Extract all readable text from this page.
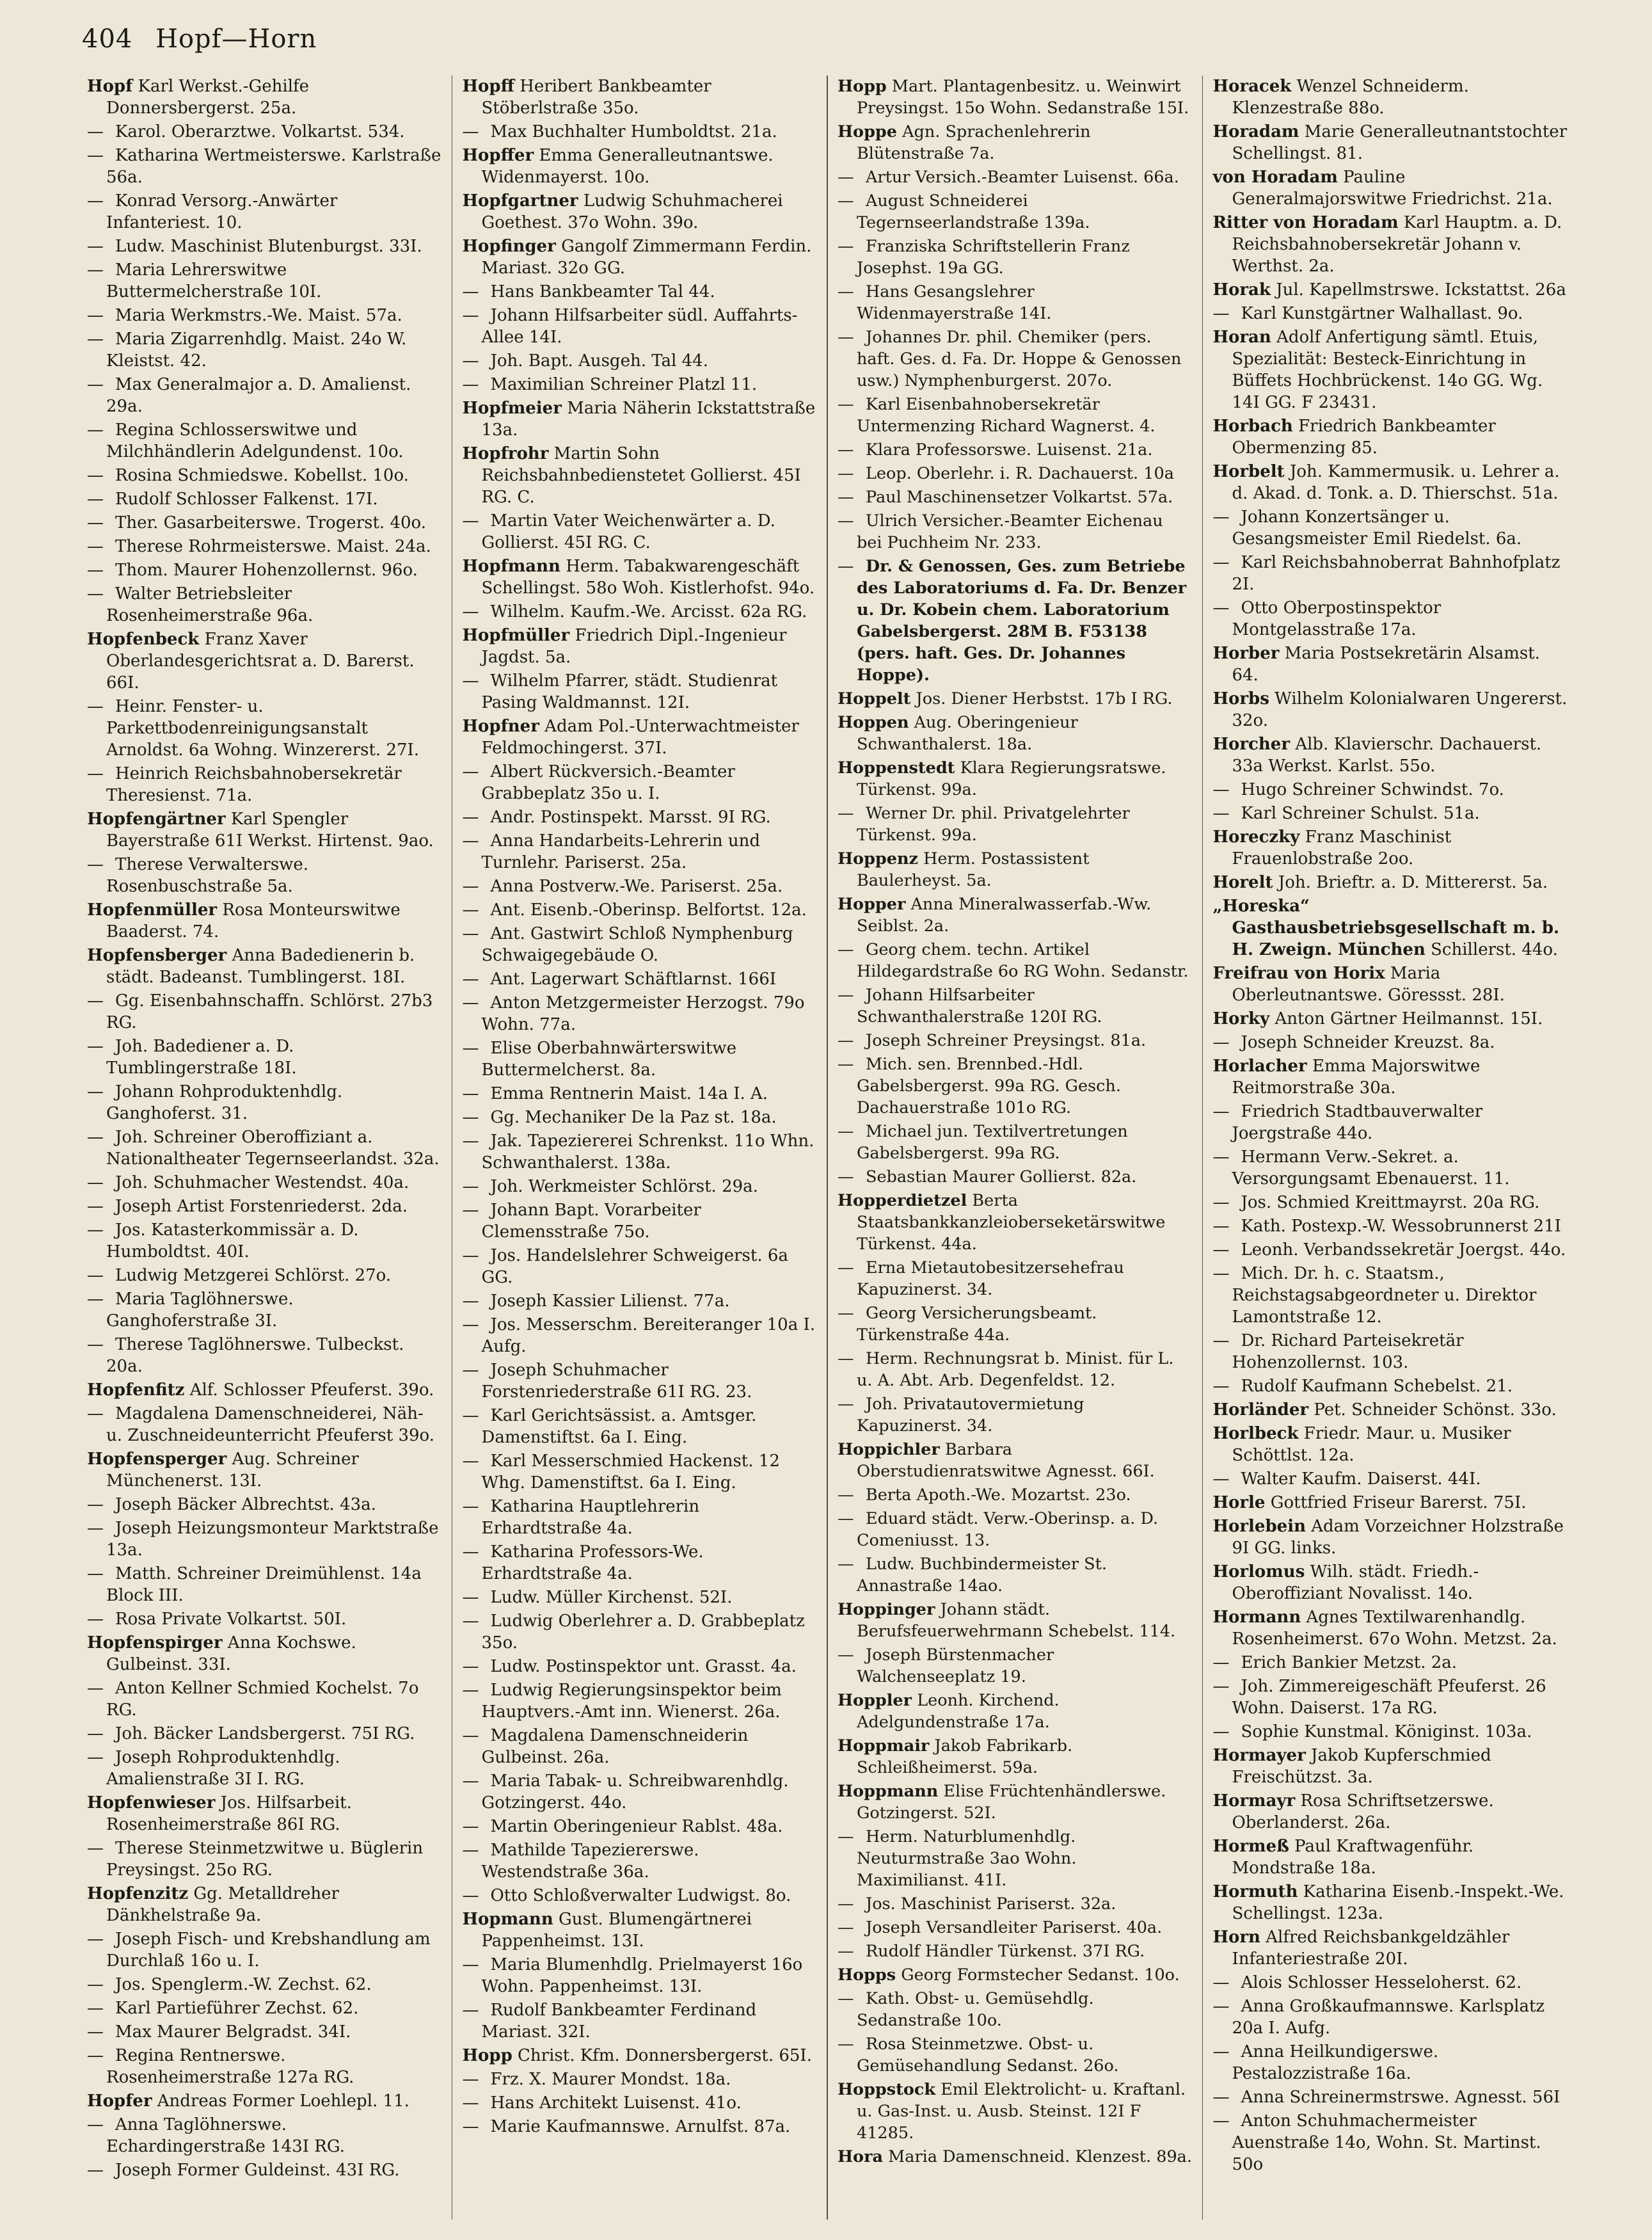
404 Hopf—Horn

Hopf Karl Werkst.-Gehilfe Donnersbergerst. 25a.

— Karol. Oberarztwe. Volkartst. 534.

— Katharina Wertmeisterswe. Karlstraße 56a.

— Konrad Versorg.-Anwärter Infanteriest. 10.

— Ludw. Maschinist Blutenburgst. 33I.

— Maria Lehrerswitwe Buttermelcherstraße 10I.

— Maria Werkmstrs.-We. Maist. 57a.

— Maria Zigarrenhdlg. Maist. 24o W. Kleistst. 42.

— Max Generalmajor a. D. Amalienst. 29a.

— Regina Schlosserswitwe und Milchhändlerin Adelgundenst. 10o.

— Rosina Schmiedswe. Kobellst. 10o.

— Rudolf Schlosser Falkenst. 17I.

— Ther. Gasarbeiterswe. Trogerst. 40o.

— Therese Rohrmeisterswe. Maist. 24a.

— Thom. Maurer Hohenzollernst. 96o.

— Walter Betriebsleiter Rosenheimerstraße 96a.

Hopfenbeck Franz Xaver Oberlandesgerichtsrat a. D. Barerst. 66I.

— Heinr. Fenster- u. Parkettbodenreinigungsanstalt Arnoldst. 6a Wohng. Winzererst. 27I.

— Heinrich Reichsbahnobersekretär Theresienst. 71a.

Hopfengärtner Karl Spengler Bayerstraße 61I Werkst. Hirtenst. 9ao.

— Therese Verwalterswe. Rosenbuschstraße 5a.

Hopfenmüller Rosa Monteurswitwe Baaderst. 74.

Hopfensberger Anna Badedienerin b. städt. Badeanst. Tumblingerst. 18I.

— Gg. Eisenbahnschaffn. Schlörst. 27b3 RG.

— Joh. Badediener a. D. Tumblingerstraße 18I.

— Johann Rohproduktenhdlg. Ganghoferst. 31.

— Joh. Schreiner Oberoffiziant a. Nationaltheater Tegernseerlandst. 32a.

— Joh. Schuhmacher Westendst. 40a.

— Joseph Artist Forstenriederst. 2da.

— Jos. Katasterkommissär a. D. Humboldtst. 40I.

— Ludwig Metzgerei Schlörst. 27o.

— Maria Taglöhnerswe. Ganghoferstraße 3I.

— Therese Taglöhnerswe. Tulbeckst. 20a.

Hopfenfitz Alf. Schlosser Pfeuferst. 39o.

— Magdalena Damenschneiderei, Näh- u. Zuschneideunterricht Pfeuferst 39o.

Hopfensperger Aug. Schreiner Münchenerst. 13I.

— Joseph Bäcker Albrechtst. 43a.

— Joseph Heizungsmonteur Marktstraße 13a.

— Matth. Schreiner Dreimühlenst. 14a Block III.

— Rosa Private Volkartst. 50I.

Hopfenspirger Anna Kochswe. Gulbeinst. 33I.

— Anton Kellner Schmied Kochelst. 7o RG.

— Joh. Bäcker Landsbergerst. 75I RG.

— Joseph Rohproduktenhdlg. Amalienstraße 3I I. RG.

Hopfenwieser Jos. Hilfsarbeit. Rosenheimerstraße 86I RG.

— Therese Steinmetzwitwe u. Büglerin Preysingst. 25o RG.

Hopfenzitz Gg. Metalldreher Dänkhelstraße 9a.

— Joseph Fisch- und Krebshandlung am Durchlaß 16o u. I.

— Jos. Spenglerm.-W. Zechst. 62.

— Karl Partieführer Zechst. 62.

— Max Maurer Belgradst. 34I.

— Regina Rentnerswe. Rosenheimerstraße 127a RG.

Hopfer Andreas Former Loehlepl. 11.

— Anna Taglöhnerswe. Echardingerstraße 143I RG.

— Joseph Former Guldeinst. 43I RG.

Hopff Heribert Bankbeamter Stöberlstraße 35o.

— Max Buchhalter Humboldtst. 21a.

Hopffer Emma Generalleutnantswe. Widenmayerst. 10o.

Hopfgartner Ludwig Schuhmacherei Goethest. 37o Wohn. 39o.

Hopfinger Gangolf Zimmermann Ferdin. Mariast. 32o GG.

— Hans Bankbeamter Tal 44.

— Johann Hilfsarbeiter südl. Auffahrts-Allee 14I.

— Joh. Bapt. Ausgeh. Tal 44.

— Maximilian Schreiner Platzl 11.

Hopfmeier Maria Näherin Ickstattstraße 13a.

Hopfrohr Martin Sohn Reichsbahnbedienstetet Gollierst. 45I RG. C.

— Martin Vater Weichenwärter a. D. Gollierst. 45I RG. C.

Hopfmann Herm. Tabakwarengeschäft Schellingst. 58o Woh. Kistlerhofst. 94o.

— Wilhelm. Kaufm.-We. Arcisst. 62a RG.

Hopfmüller Friedrich Dipl.-Ingenieur Jagdst. 5a.

— Wilhelm Pfarrer, städt. Studienrat Pasing Waldmannst. 12I.

Hopfner Adam Pol.-Unterwachtmeister Feldmochingerst. 37I.

— Albert Rückversich.-Beamter Grabbeplatz 35o u. I.

— Andr. Postinspekt. Marsst. 9I RG.

— Anna Handarbeits-Lehrerin und Turnlehr. Pariserst. 25a.

— Anna Postverw.-We. Pariserst. 25a.

— Ant. Eisenb.-Oberinsp. Belfortst. 12a.

— Ant. Gastwirt Schloß Nymphenburg Schwaigegebäude O.

— Ant. Lagerwart Schäftlarnst. 166I

— Anton Metzgermeister Herzogst. 79o Wohn. 77a.

— Elise Oberbahnwärterswitwe Buttermelcherst. 8a.

— Emma Rentnerin Maist. 14a I. A.

— Gg. Mechaniker De la Paz st. 18a.

— Jak. Tapeziererei Schrenkst. 11o Whn. Schwanthalerst. 138a.

— Joh. Werkmeister Schlörst. 29a.

— Johann Bapt. Vorarbeiter Clemensstraße 75o.

— Jos. Handelslehrer Schweigerst. 6a GG.

— Joseph Kassier Lilienst. 77a.

— Jos. Messerschm. Bereiteranger 10a I. Aufg.

— Joseph Schuhmacher Forstenriederstraße 61I RG. 23.

— Karl Gerichtsässist. a. Amtsger. Damenstiftst. 6a I. Eing.

— Karl Messerschmied Hackenst. 12 Whg. Damenstiftst. 6a I. Eing.

— Katharina Hauptlehrerin Erhardtstraße 4a.

— Katharina Professors-We. Erhardtstraße 4a.

— Ludw. Müller Kirchenst. 52I.

— Ludwig Oberlehrer a. D. Grabbeplatz 35o.

— Ludw. Postinspektor unt. Grasst. 4a.

— Ludwig Regierungsinspektor beim Hauptvers.-Amt inn. Wienerst. 26a.

— Magdalena Damenschneiderin Gulbeinst. 26a.

— Maria Tabak- u. Schreibwarenhdlg. Gotzingerst. 44o.

— Martin Oberingenieur Rablst. 48a.

— Mathilde Tapeziererswe. Westendstraße 36a.

— Otto Schloßverwalter Ludwigst. 8o.

Hopmann Gust. Blumengärtnerei Pappenheimst. 13I.

— Maria Blumenhdlg. Prielmayerst 16o Wohn. Pappenheimst. 13I.

— Rudolf Bankbeamter Ferdinand Mariast. 32I.

Hopp Christ. Kfm. Donnersbergerst. 65I.

— Frz. X. Maurer Mondst. 18a.

— Hans Architekt Luisenst. 41o.

— Marie Kaufmannswe. Arnulfst. 87a.

Hopp Mart. Plantagenbesitz. u. Weinwirt Preysingst. 15o Wohn. Sedanstraße 15I.

Hoppe Agn. Sprachenlehrerin Blütenstraße 7a.

— Artur Versich.-Beamter Luisenst. 66a.

— August Schneiderei Tegernseerlandstraße 139a.

— Franziska Schriftstellerin Franz Josephst. 19a GG.

— Hans Gesangslehrer Widenmayerstraße 14I.

— Johannes Dr. phil. Chemiker (pers. haft. Ges. d. Fa. Dr. Hoppe & Genossen usw.) Nymphenburgerst. 207o.

— Karl Eisenbahnobersekretär Untermenzing Richard Wagnerst. 4.

— Klara Professorswe. Luisenst. 21a.

— Leop. Oberlehr. i. R. Dachauerst. 10a

— Paul Maschinensetzer Volkartst. 57a.

— Ulrich Versicher.-Beamter Eichenau bei Puchheim Nr. 233.

— Dr. & Genossen, Ges. zum Betriebe des Laboratoriums d. Fa. Dr. Benzer u. Dr. Kobein chem. Laboratorium Gabelsbergerst. 28M B. F53138 (pers. haft. Ges. Dr. Johannes Hoppe).

Hoppelt Jos. Diener Herbstst. 17b I RG.

Hoppen Aug. Oberingenieur Schwanthalerst. 18a.

Hoppenstedt Klara Regierungsratswe. Türkenst. 99a.

— Werner Dr. phil. Privatgelehrter Türkenst. 99a.

Hoppenz Herm. Postassistent Baulerheyst. 5a.

Hopper Anna Mineralwasserfab.-Ww. Seiblst. 2a.

— Georg chem. techn. Artikel Hildegardstraße 6o RG Wohn. Sedanstr.

— Johann Hilfsarbeiter Schwanthalerstraße 120I RG.

— Joseph Schreiner Preysingst. 81a.

— Mich. sen. Brennbed.-Hdl. Gabelsbergerst. 99a RG. Gesch. Dachauerstraße 101o RG.

— Michael jun. Textilvertretungen Gabelsbergerst. 99a RG.

— Sebastian Maurer Gollierst. 82a.

Hopperdietzel Berta Staatsbankkanzleioberseketärswitwe Türkenst. 44a.

— Erna Mietautobesitzersehefrau Kapuzinerst. 34.

— Georg Versicherungsbeamt. Türkenstraße 44a.

— Herm. Rechnungsrat b. Minist. für L. u. A. Abt. Arb. Degenfeldst. 12.

— Joh. Privatautovermietung Kapuzinerst. 34.

Hoppichler Barbara Oberstudienratswitwe Agnesst. 66I.

— Berta Apoth.-We. Mozartst. 23o.

— Eduard städt. Verw.-Oberinsp. a. D. Comeniusst. 13.

— Ludw. Buchbindermeister St. Annastraße 14ao.

Hoppinger Johann städt. Berufsfeuerwehrmann Schebelst. 114.

— Joseph Bürstenmacher Walchenseeplatz 19.

Hoppler Leonh. Kirchend. Adelgundenstraße 17a.

Hoppmair Jakob Fabrikarb. Schleißheimerst. 59a.

Hoppmann Elise Früchtenhändlerswe. Gotzingerst. 52I.

— Herm. Naturblumenhdlg. Neuturmstraße 3ao Wohn. Maximilianst. 41I.

— Jos. Maschinist Pariserst. 32a.

— Joseph Versandleiter Pariserst. 40a.

— Rudolf Händler Türkenst. 37I RG.

Hopps Georg Formstecher Sedanst. 10o.

— Kath. Obst- u. Gemüsehdlg. Sedanstraße 10o.

— Rosa Steinmetzwe. Obst- u. Gemüsehandlung Sedanst. 26o.

Hoppstock Emil Elektrolicht- u. Kraftanl. u. Gas-Inst. u. Ausb. Steinst. 12I F 41285.

Hora Maria Damenschneid. Klenzest. 89a.

Horacek Wenzel Schneiderm. Klenzestraße 88o.

Horadam Marie Generalleutnantstochter Schellingst. 81.

von Horadam Pauline Generalmajorswitwe Friedrichst. 21a.

Ritter von Horadam Karl Hauptm. a. D. Reichsbahnobersekretär Johann v. Werthst. 2a.

Horak Jul. Kapellmstrswe. Ickstattst. 26a

— Karl Kunstgärtner Walhallast. 9o.

Horan Adolf Anfertigung sämtl. Etuis, Spezialität: Besteck-Einrichtung in Büffets Hochbrückenst. 14o GG. Wg. 14I GG. F 23431.

Horbach Friedrich Bankbeamter Obermenzing 85.

Horbelt Joh. Kammermusik. u. Lehrer a. d. Akad. d. Tonk. a. D. Thierschst. 51a.

— Johann Konzertsänger u. Gesangsmeister Emil Riedelst. 6a.

— Karl Reichsbahnoberrat Bahnhofplatz 2I.

— Otto Oberpostinspektor Montgelasstraße 17a.

Horber Maria Postsekretärin Alsamst. 64.

Horbs Wilhelm Kolonialwaren Ungererst. 32o.

Horcher Alb. Klavierschr. Dachauerst. 33a Werkst. Karlst. 55o.

— Hugo Schreiner Schwindst. 7o.

— Karl Schreiner Schulst. 51a.

Horeczky Franz Maschinist Frauenlobstraße 2oo.

Horelt Joh. Brieftr. a. D. Mittererst. 5a.

„Horeska“ Gasthausbetriebsgesellschaft m. b. H. Zweign. München Schillerst. 44o.

Freifrau von Horix Maria Oberleutnantswe. Göressst. 28I.

Horky Anton Gärtner Heilmannst. 15I.

— Joseph Schneider Kreuzst. 8a.

Horlacher Emma Majorswitwe Reitmorstraße 30a.

— Friedrich Stadtbauverwalter Joergstraße 44o.

— Hermann Verw.-Sekret. a. Versorgungsamt Ebenauerst. 11.

— Jos. Schmied Kreittmayrst. 20a RG.

— Kath. Postexp.-W. Wessobrunnerst 21I

— Leonh. Verbandssekretär Joergst. 44o.

— Mich. Dr. h. c. Staatsm., Reichstagsabgeordneter u. Direktor Lamontstraße 12.

— Dr. Richard Parteisekretär Hohenzollernst. 103.

— Rudolf Kaufmann Schebelst. 21.

Horländer Pet. Schneider Schönst. 33o.

Horlbeck Friedr. Maur. u. Musiker Schöttlst. 12a.

— Walter Kaufm. Daiserst. 44I.

Horle Gottfried Friseur Barerst. 75I.

Horlebein Adam Vorzeichner Holzstraße 9I GG. links.

Horlomus Wilh. städt. Friedh.-Oberoffiziant Novalisst. 14o.

Hormann Agnes Textilwarenhandlg. Rosenheimerst. 67o Wohn. Metzst. 2a.

— Erich Bankier Metzst. 2a.

— Joh. Zimmereigeschäft Pfeuferst. 26 Wohn. Daiserst. 17a RG.

— Sophie Kunstmal. Königinst. 103a.

Hormayer Jakob Kupferschmied Freischützst. 3a.

Hormayr Rosa Schriftsetzerswe. Oberlanderst. 26a.

Hormeß Paul Kraftwagenführ. Mondstraße 18a.

Hormuth Katharina Eisenb.-Inspekt.-We. Schellingst. 123a.

Horn Alfred Reichsbankgeldzähler Infanteriestraße 20I.

— Alois Schlosser Hesseloherst. 62.

— Anna Großkaufmannswe. Karlsplatz 20a I. Aufg.

— Anna Heilkundigerswe. Pestalozzistraße 16a.

— Anna Schreinermstrswe. Agnesst. 56I

— Anton Schuhmachermeister Auenstraße 14o, Wohn. St. Martinst. 50o
